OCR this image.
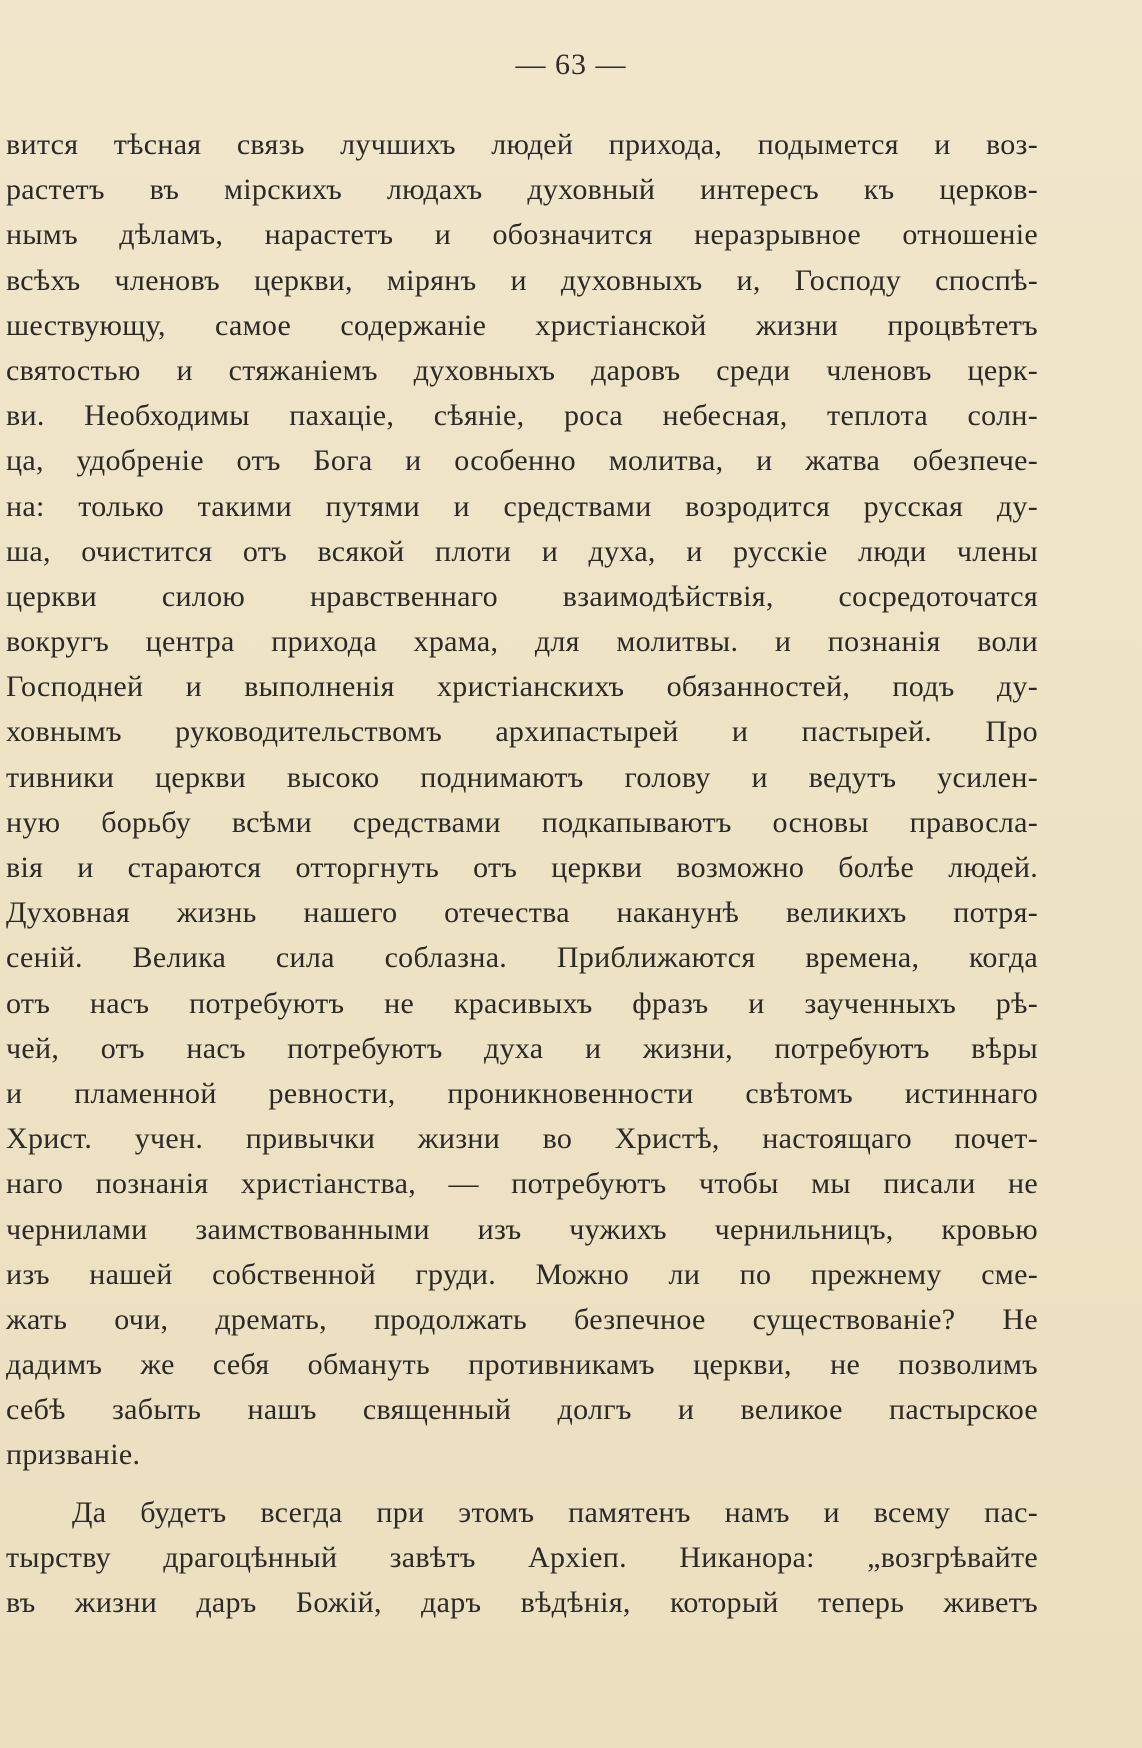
— 63 —
вится тѣсная связь лучшихъ людей прихода, подымется и воз-
растетъ въ мірскихъ людахъ духовный интересъ къ церков-
нымъ дѣламъ, нарастетъ и обозначится неразрывное отношеніе
всѣхъ членовъ церкви, мірянъ и духовныхъ и, Господу споспѣ-
шествующу, самое содержаніе христіанской жизни процвѣтетъ
святостью и стяжаніемъ духовныхъ даровъ среди членовъ церк-
ви. Необходимы пахаціе, сѣяніе, роса небесная, теплота солн-
ца, удобреніе отъ Бога и особенно молитва, и жатва обезпече-
на: только такими путями и средствами возродится русская ду-
ша, очистится отъ всякой плоти и духа, и русскіе люди члены
церкви силою нравственнаго взаимодѣйствія, сосредоточатся
вокругъ центра прихода храма, для молитвы. и познанія воли
Господней и выполненія христіанскихъ обязанностей, подъ ду-
ховнымъ руководительствомъ архипастырей и пастырей. Про
тивники церкви высоко поднимаютъ голову и ведутъ усилен-
ную борьбу всѣми средствами подкапываютъ основы правосла-
вія и стараются отторгнуть отъ церкви возможно болѣе людей.
Духовная жизнь нашего отечества наканунѣ великихъ потря-
сеній. Велика сила соблазна. Приближаются времена, когда
отъ насъ потребуютъ не красивыхъ фразъ и заученныхъ рѣ-
чей, отъ насъ потребуютъ духа и жизни, потребуютъ вѣры
и пламенной ревности, проникновенности свѣтомъ истиннаго
Христ. учен. привычки жизни во Христѣ, настоящаго почет-
наго познанія христіанства, — потребуютъ чтобы мы писали не
чернилами заимствованными изъ чужихъ чернильницъ, кровью
изъ нашей собственной груди. Можно ли по прежнему сме-
жать очи, дремать, продолжать безпечное существованіе? Не
дадимъ же себя обмануть противникамъ церкви, не позволимъ
себѣ забыть нашъ священный долгъ и великое пастырское
призваніе.
Да будетъ всегда при этомъ памятенъ намъ и всему пас-
тырству драгоцѣнный завѣтъ Архіеп. Никанора: „возгрѣвайте
въ жизни даръ Божій, даръ вѣдѣнія, который теперь живетъ
